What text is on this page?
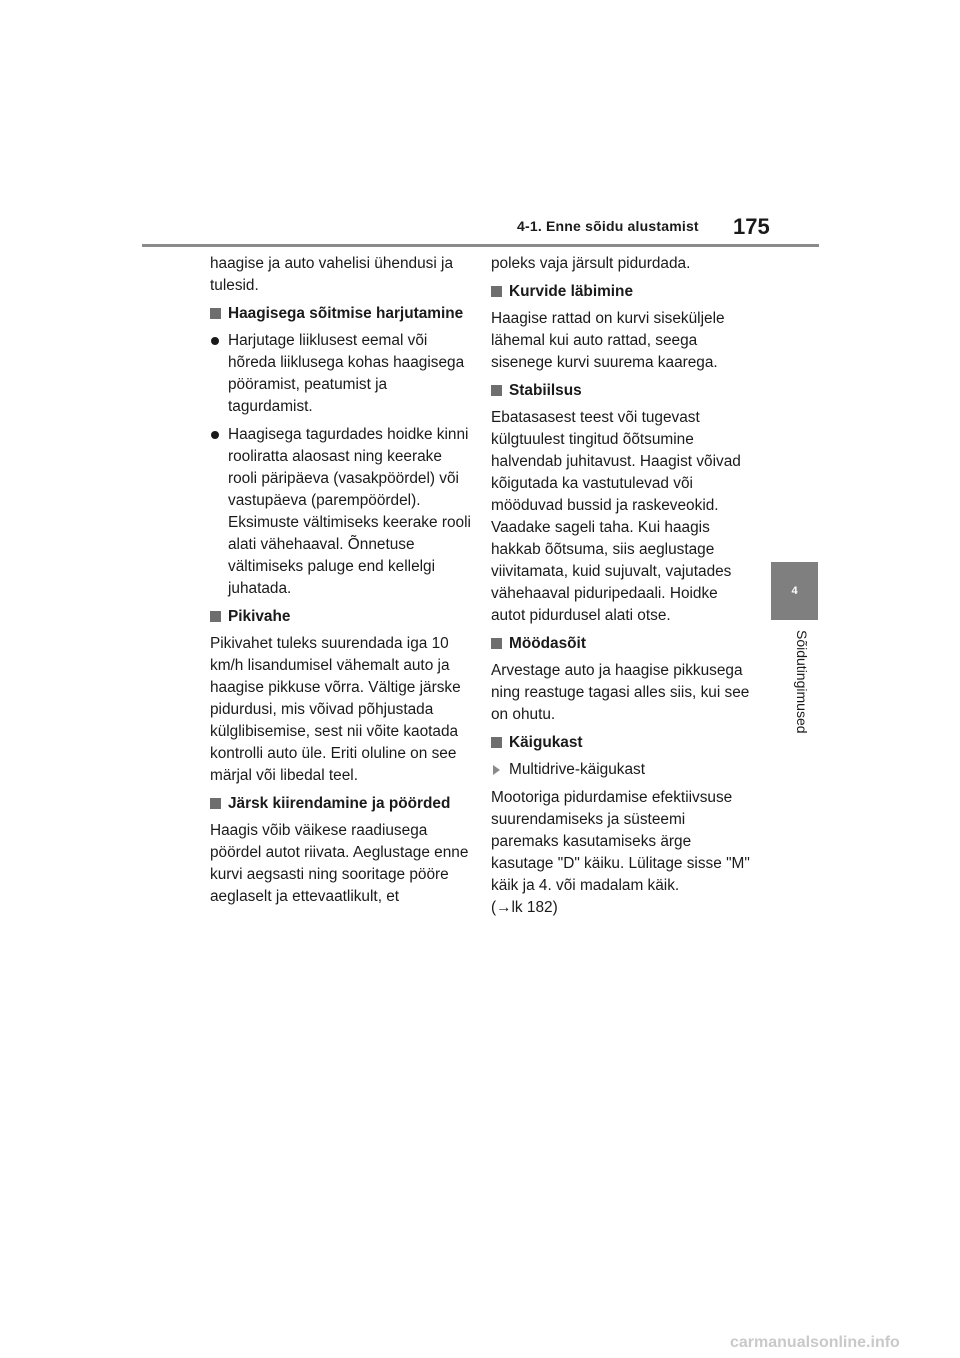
4-1. Enne sõidu alustamist 175
4
Sõidutingimused

haagise ja auto vahelisi ühendusi ja tulesid.

Haagisega sõitmise harjutamine
Harjutage liiklusest eemal või hõreda liiklusega kohas haagisega pööramist, peatumist ja tagurdamist.
Haagisega tagurdades hoidke kinni rooliratta alaosast ning keerake rooli päripäeva (vasakpöördel) või vastupäeva (parempöördel). Eksimuste vältimiseks keerake rooli alati vähehaaval. Õnnetuse vältimiseks paluge end kellelgi juhatada.
Pikivahe

Pikivahet tuleks suurendada iga 10 km/h lisandumisel vähemalt auto ja haagise pikkuse võrra. Vältige järske pidurdusi, mis võivad põhjustada külglibisemise, sest nii võite kaotada kontrolli auto üle. Eriti oluline on see märjal või libedal teel.

Järsk kiirendamine ja pöörded

Haagis võib väikese raadiusega pöördel autot riivata. Aeglustage enne kurvi aegsasti ning sooritage pööre aeglaselt ja ettevaatlikult, et

poleks vaja järsult pidurdada.

Kurvide läbimine

Haagise rattad on kurvi siseküljele lähemal kui auto rattad, seega sisenege kurvi suurema kaarega.

Stabiilsus

Ebatasasest teest või tugevast külgtuulest tingitud õõtsumine halvendab juhitavust. Haagist võivad kõigutada ka vastutulevad või mööduvad bussid ja raskeveokid. Vaadake sageli taha. Kui haagis hakkab õõtsuma, siis aeglustage viivitamata, kuid sujuvalt, vajutades vähehaaval piduripedaali. Hoidke autot pidurdusel alati otse.

Möödasõit

Arvestage auto ja haagise pikkusega ning reastuge tagasi alles siis, kui see on ohutu.

Käigukast
Multidrive-käigukast

Mootoriga pidurdamise efektiivsuse suurendamiseks ja süsteemi paremaks kasutamiseks ärge kasutage "D" käiku. Lülitage sisse "M" käik ja 4. või madalam käik.

(→lk 182)

carmanualsonline.info
